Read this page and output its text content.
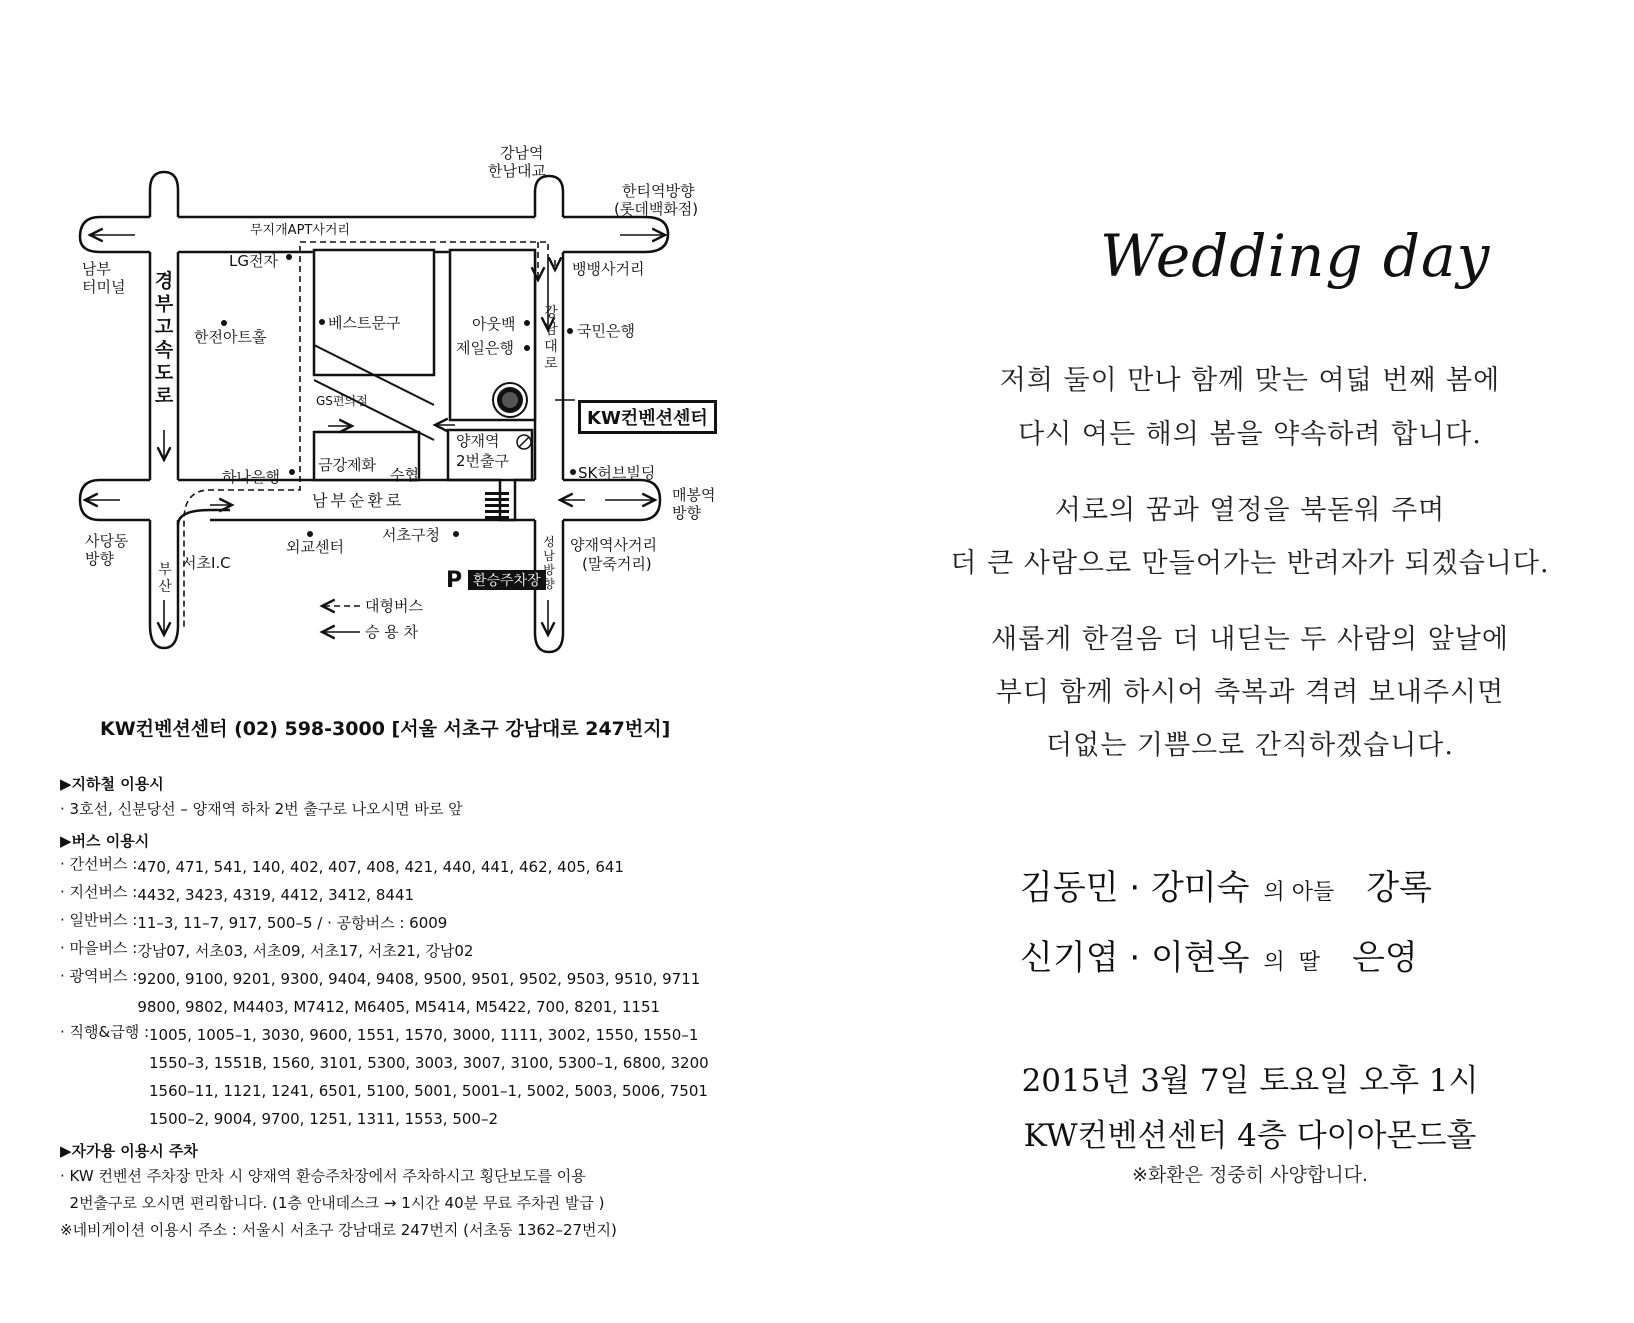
강남역
한남대교
한티역방향
(롯데백화점)
무지개APT사거리
남부
터미널
LG전자	뱅뱅사거리
경부고속도로
한전아트홀
베스트문구	아웃백
제일은행
강남대로
국민은행
GS편의점
KW컨벤션센터
양재역
2번출구
SK허브빌딩
하나은행
금강제화
수협
남부순환로	매봉역
방향
사당동
방향	서초I.C
외교센터
서초구청
P 환승주차장
양재역사거리
(말죽거리)
성남방향
부산
대형버스
승 용 차
KW컨벤션센터 (02) 598-3000 [서울 서초구 강남대로 247번지]
▶지하철 이용시
· 3호선, 신분당선 – 양재역 하차 2번 출구로 나오시면 바로 앞
▶버스 이용시
· 간선버스 : 470, 471, 541, 140, 402, 407, 408, 421, 440, 441, 462, 405, 641
· 지선버스 : 4432, 3423, 4319, 4412, 3412, 8441
· 일반버스 : 11–3, 11–7, 917, 500–5 / · 공항버스 : 6009
· 마을버스 : 강남07, 서초03, 서초09, 서초17, 서초21, 강남02
· 광역버스 : 9200, 9100, 9201, 9300, 9404, 9408, 9500, 9501, 9502, 9503, 9510, 9711
9800, 9802, M4403, M7412, M6405, M5414, M5422, 700, 8201, 1151
· 직행&급행 : 1005, 1005–1, 3030, 9600, 1551, 1570, 3000, 1111, 3002, 1550, 1550–1
1550–3, 1551B, 1560, 3101, 5300, 3003, 3007, 3100, 5300–1, 6800, 3200
1560–11, 1121, 1241, 6501, 5100, 5001, 5001–1, 5002, 5003, 5006, 7501
1500–2, 9004, 9700, 1251, 1311, 1553, 500–2
▶자가용 이용시 주차
· KW 컨벤션 주차장 만차 시 양재역 환승주차장에서 주차하시고 횡단보도를 이용
2번출구로 오시면 편리합니다. (1층 안내데스크 → 1시간 40분 무료 주차권 발급 )
※네비게이션 이용시 주소 : 서울시 서초구 강남대로 247번지 (서초동 1362–27번지)
Wedding day
저희 둘이 만나 함께 맞는 여덟 번째 봄에
다시 여든 해의 봄을 약속하려 합니다.
서로의 꿈과 열정을 북돋워 주며
더 큰 사람으로 만들어가는 반려자가 되겠습니다.
새롭게 한걸음 더 내딛는 두 사람의 앞날에
부디 함께 하시어 축복과 격려 보내주시면
더없는 기쁨으로 간직하겠습니다.
김동민 · 강미숙 의 아들 강록
신기엽 · 이현옥 의  딸 은영
2015년 3월 7일 토요일 오후 1시
KW컨벤션센터 4층 다이아몬드홀
※화환은 정중히 사양합니다.
